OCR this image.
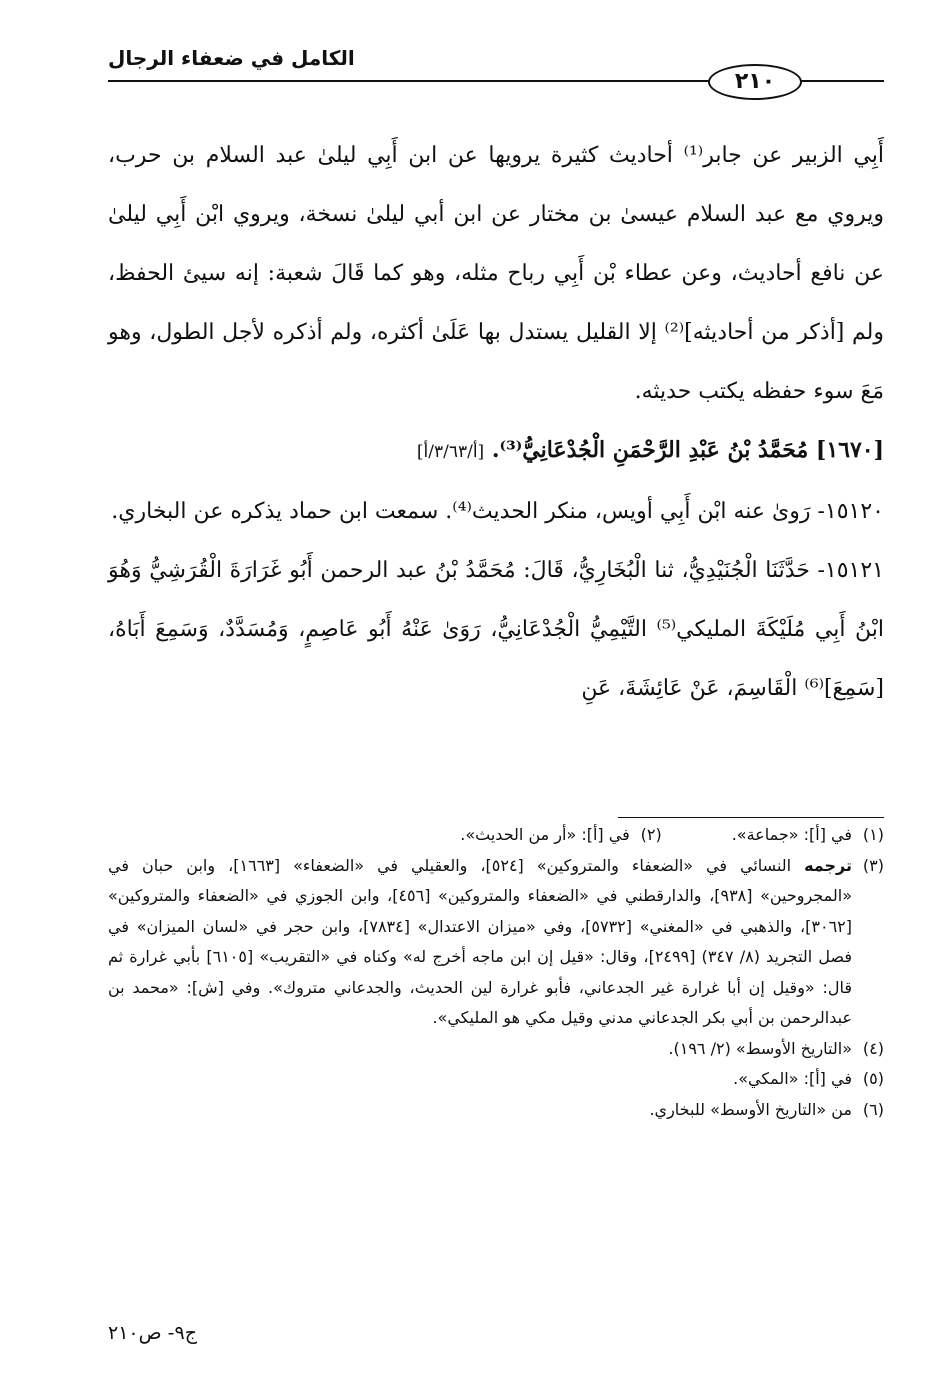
الكامل في ضعفاء الرجال
٢١٠

أَبِي الزبير عن جابر⁽¹⁾ أحاديث كثيرة يرويها عن ابن أَبِي ليلىٰ عبد السلام بن حرب، ويروي مع عبد السلام عيسىٰ بن مختار عن ابن أبي ليلىٰ نسخة، ويروي ابْن أَبِي ليلىٰ عن نافع أحاديث، وعن عطاء بْن أَبِي رباح مثله، وهو كما قَالَ شعبة: إنه سيئ الحفظ، ولم [أذكر من أحاديثه]⁽²⁾ إلا القليل يستدل بها عَلَىٰ أكثره، ولم أذكره لأجل الطول، وهو مَعَ سوء حفظه يكتب حديثه.

[١٦٧٠] مُحَمَّدُ بْنُ عَبْدِ الرَّحْمَنِ الْجُدْعَانِيُّ⁽³⁾. [أ/٣/٦٣/أ]

١٥١٢٠- رَوىٰ عنه ابْن أَبِي أويس، منكر الحديث⁽⁴⁾. سمعت ابن حماد يذكره عن البخاري.

١٥١٢١- حَدَّثَنَا الْجُنَيْدِيُّ، ثنا الْبُخَارِيُّ، قَالَ: مُحَمَّدُ بْنُ عبد الرحمن أَبُو غَرَارَةَ الْقُرَشِيُّ وَهُوَ ابْنُ أَبِي مُلَيْكَةَ المليكي⁽⁵⁾ التَّيْمِيُّ الْجُدْعَانِيُّ، رَوَىٰ عَنْهُ أَبُو عَاصِمٍ، وَمُسَدَّدٌ، وَسَمِعَ أَبَاهُ، [سَمِعَ]⁽⁶⁾ الْقَاسِمَ، عَنْ عَائِشَةَ، عَنِ

(١)في [أ]: «جماعة».

(٢)في [أ]: «أر من الحديث».

(٣)ترجمه النسائي في «الضعفاء والمتروكين» [٥٢٤]، والعقيلي في «الضعفاء» [١٦٦٣]، وابن حبان في «المجروحين» [٩٣٨]، والدارقطني في «الضعفاء والمتروكين» [٤٥٦]، وابن الجوزي في «الضعفاء والمتروكين» [٣٠٦٢]، والذهبي في «المغني» [٥٧٣٢]، وفي «ميزان الاعتدال» [٧٨٣٤]، وابن حجر في «لسان الميزان» في فصل التجريد (٨/ ٣٤٧) [٢٤٩٩]، وقال: «قيل إن ابن ماجه أخرج له» وكناه في «التقريب» [٦١٠٥] بأبي غرارة ثم قال: «وقيل إن أبا غرارة غير الجدعاني، فأبو غرارة لين الحديث، والجدعاني متروك». وفي [ش]: «محمد بن عبدالرحمن بن أبي بكر الجدعاني مدني وقيل مكي هو المليكي».

(٤)«التاريخ الأوسط» (٢/ ١٩٦).

(٥)في [أ]: «المكي».

(٦)من «التاريخ الأوسط» للبخاري.

ج٩- ص٢١٠
